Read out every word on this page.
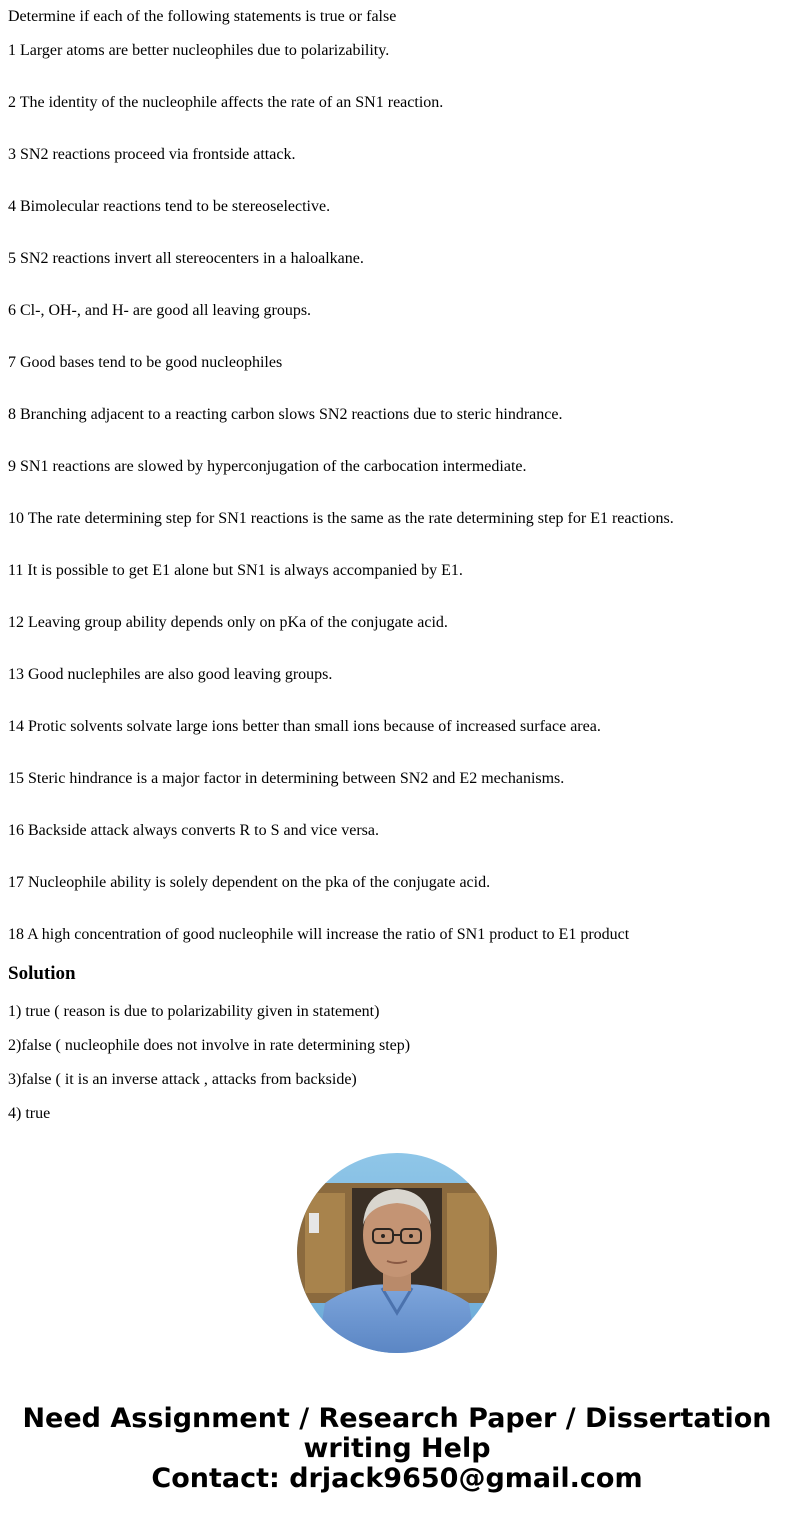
Determine if each of the following statements is true or false

1 Larger atoms are better nucleophiles due to polarizability.

2 The identity of the nucleophile affects the rate of an SN1 reaction.

3 SN2 reactions proceed via frontside attack.

4 Bimolecular reactions tend to be stereoselective.

5 SN2 reactions invert all stereocenters in a haloalkane.

6 Cl-, OH-, and H- are good all leaving groups.

7 Good bases tend to be good nucleophiles

8 Branching adjacent to a reacting carbon slows SN2 reactions due to steric hindrance.

9 SN1 reactions are slowed by hyperconjugation of the carbocation intermediate.

10 The rate determining step for SN1 reactions is the same as the rate determining step for E1 reactions.

11 It is possible to get E1 alone but SN1 is always accompanied by E1.

12 Leaving group ability depends only on pKa of the conjugate acid.

13 Good nuclephiles are also good leaving groups.

14 Protic solvents solvate large ions better than small ions because of increased surface area.

15 Steric hindrance is a major factor in determining between SN2 and E2 mechanisms.

16 Backside attack always converts R to S and vice versa.

17 Nucleophile ability is solely dependent on the pka of the conjugate acid.

18 A high concentration of good nucleophile will increase the ratio of SN1 product to E1 product

Solution

1) true ( reason is due to polarizability given in statement)

2)false ( nucleophile does not involve in rate determining step)

3)false ( it is an inverse attack , attacks from backside)

4) true

Need Assignment / Research Paper / Dissertation
writing Help
Contact: drjack9650@gmail.com
